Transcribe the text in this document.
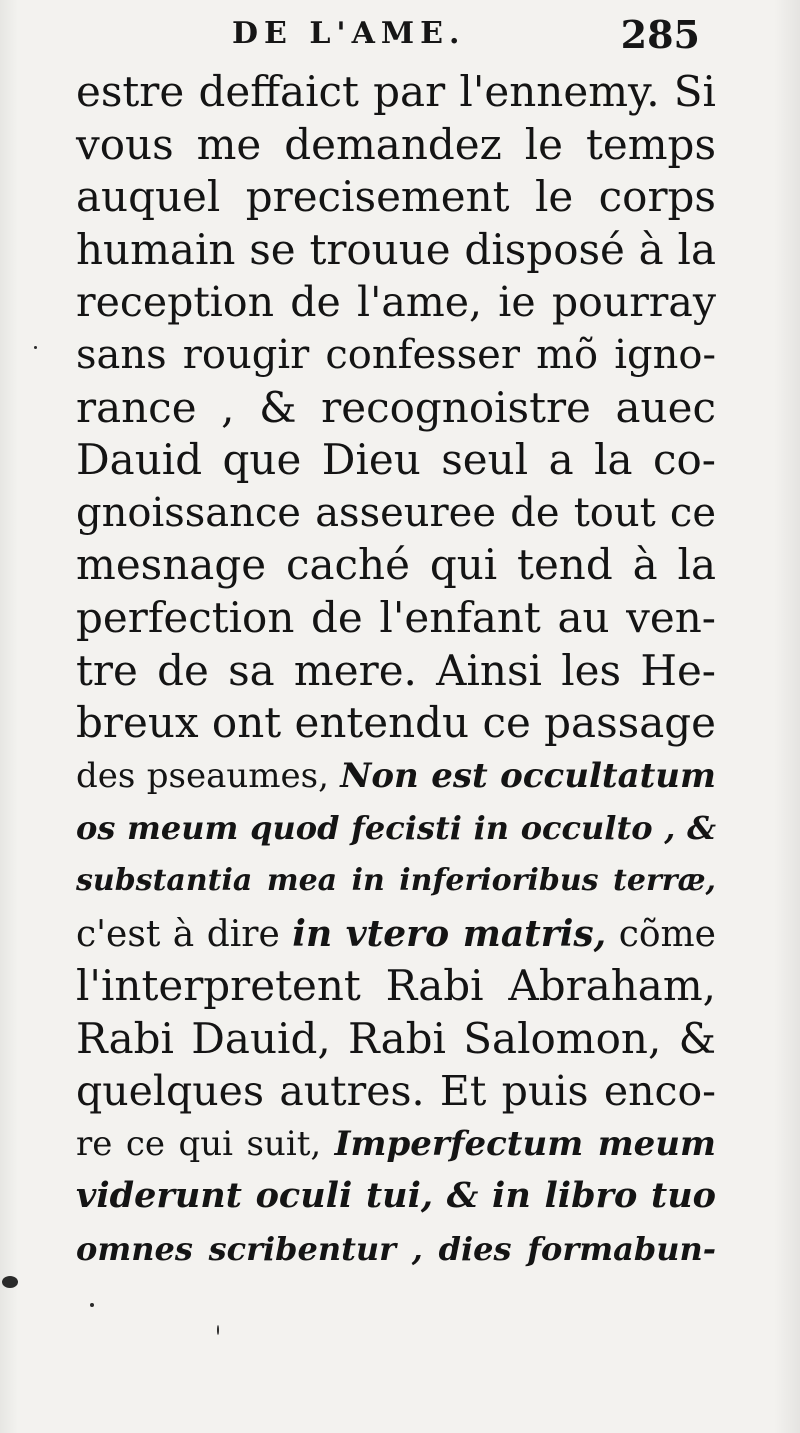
DE L'AME.	285
estre deffaict par l'ennemy. Si
vous me demandez le temps
auquel precisement le corps
humain se trouue disposé à la
reception de l'ame, ie pourray
sans rougir confesser mõ igno-
rance , & recognoistre auec
Dauid que Dieu seul a la co-
gnoissance asseuree de tout ce
mesnage caché qui tend à la
perfection de l'enfant au ven-
tre de sa mere. Ainsi les He-
breux ont entendu ce passage
des pseaumes, Non est occultatum
os meum quod fecisti in occulto , &
substantia mea in inferioribus terræ,
c'est à dire in vtero matris, cõme
l'interpretent Rabi Abraham,
Rabi Dauid, Rabi Salomon, &
quelques autres. Et puis enco-
re ce qui suit, Imperfectum meum
viderunt oculi tui, & in libro tuo
omnes scribentur , dies formabun-
